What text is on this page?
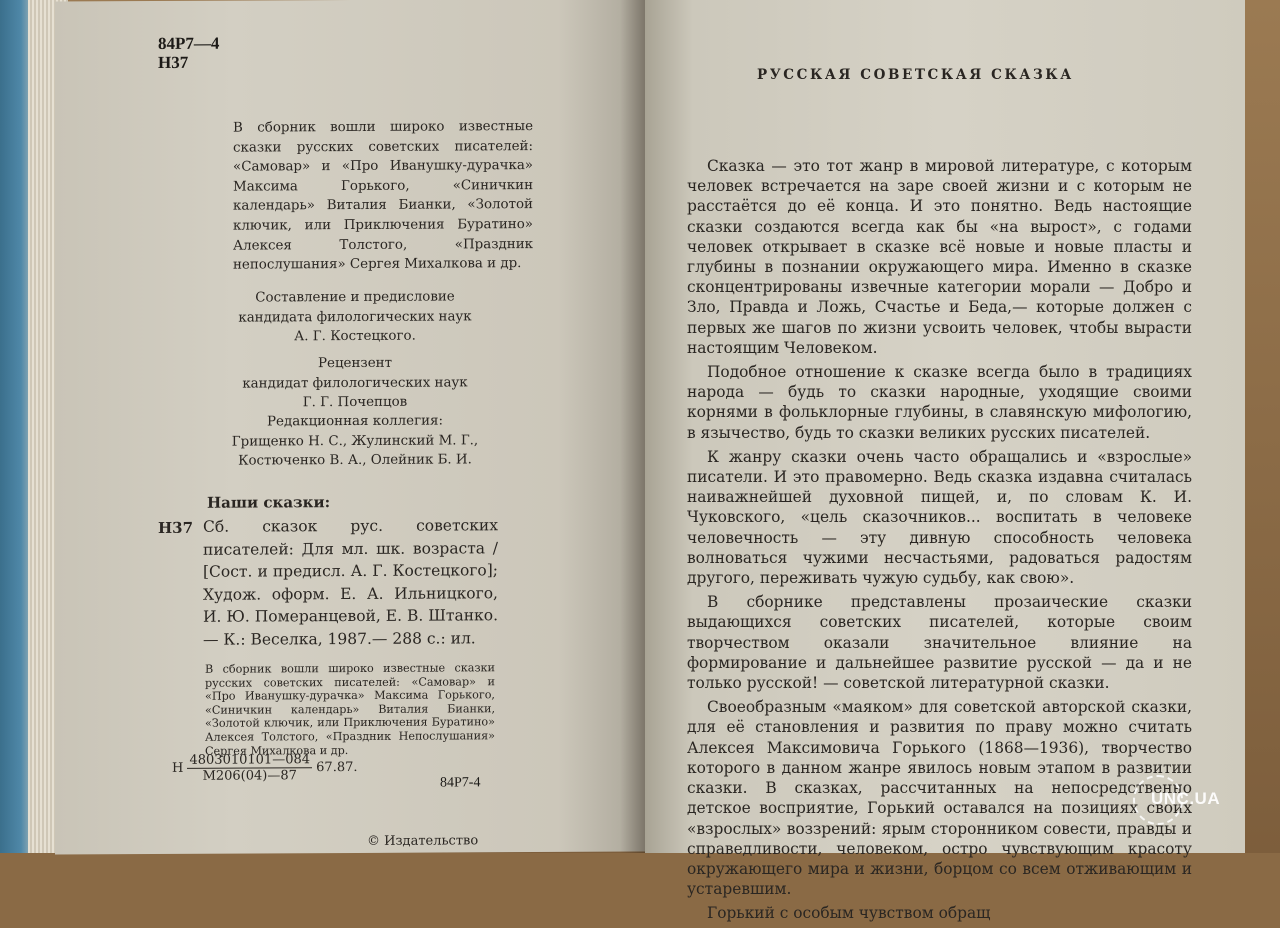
84Р7—4
Н37
В сборник вошли широко известные сказки русских советских писателей: «Самовар» и «Про Иванушку-дурачка» Максима Горького, «Синичкин календарь» Виталия Бианки, «Золотой ключик, или Приключения Буратино» Алексея Толстого, «Праздник непослушания» Сергея Михалкова и др.
Составление и предисловие
кандидата филологических наук
А. Г. Костецкого.
Рецензент
кандидат филологических наук
Г. Г. Почепцов
Редакционная коллегия:
Грищенко Н. С., Жулинский М. Г.,
Костюченко В. А., Олейник Б. И.
Наши сказки:
Н37 Сб. сказок рус. советских писателей: Для мл. шк. возраста / [Сост. и предисл. А. Г. Костецкого]; Худож. оформ. Е. А. Ильницкого, И. Ю. Померанцевой, Е. В. Штанко.— К.: Веселка, 1987.— 288 с.: ил.
В сборник вошли широко известные сказки русских советских писателей: «Самовар» и «Про Иванушку-дурачка» Максима Горького, «Синичкин календарь» Виталия Бианки, «Золотой ключик, или Приключения Буратино» Алексея Толстого, «Праздник Непослушания» Сергея Михалкова и др.
Н $\frac{4803010101—084}{М206(04)—87} 67.87$.
84Р7-4
© Издательство
РУССКАЯ СОВЕТСКАЯ СКАЗКА

Сказка — это тот жанр в мировой литературе, с которым человек встречается на заре своей жизни и с которым не расстаётся до её конца. И это понятно. Ведь настоящие сказки создаются всегда как бы «на вырост», с годами человек открывает в сказке всё новые и новые пласты и глубины в познании окружающего мира. Именно в сказке сконцентрированы извечные категории морали — Добро и Зло, Правда и Ложь, Счастье и Беда,— которые должен с первых же шагов по жизни усвоить человек, чтобы вырасти настоящим Человеком.

Подобное отношение к сказке всегда было в традициях народа — будь то сказки народные, уходящие своими корнями в фольклорные глубины, в славянскую мифологию, в язычество, будь то сказки великих русских писателей.

К жанру сказки очень часто обращались и «взрослые» писатели. И это правомерно. Ведь сказка издавна считалась наиважнейшей духовной пищей, и, по словам К. И. Чуковского, «цель сказочников... воспитать в человеке человечность — эту дивную способность человека волноваться чужими несчастьями, радоваться радостям другого, переживать чужую судьбу, как свою».

В сборнике представлены прозаические сказки выдающихся советских писателей, которые своим творчеством оказали значительное влияние на формирование и дальнейшее развитие русской — да и не только русской! — советской литературной сказки.

Своеобразным «маяком» для советской авторской сказки, для её становления и развития по праву можно считать Алексея Максимовича Горького (1868—1936), творчество которого в данном жанре явилось новым этапом в развитии сказки. В сказках, рассчитанных на непосредственно детское восприятие, Горький оставался на позициях своих «взрослых» воззрений: ярым сторонником совести, правды и справедливости, человеком, остро чувствующим красоту окружающего мира и жизни, борцом со всем отживающим и устаревшим.

Горький с особым чувством обращ

UNC.UA
